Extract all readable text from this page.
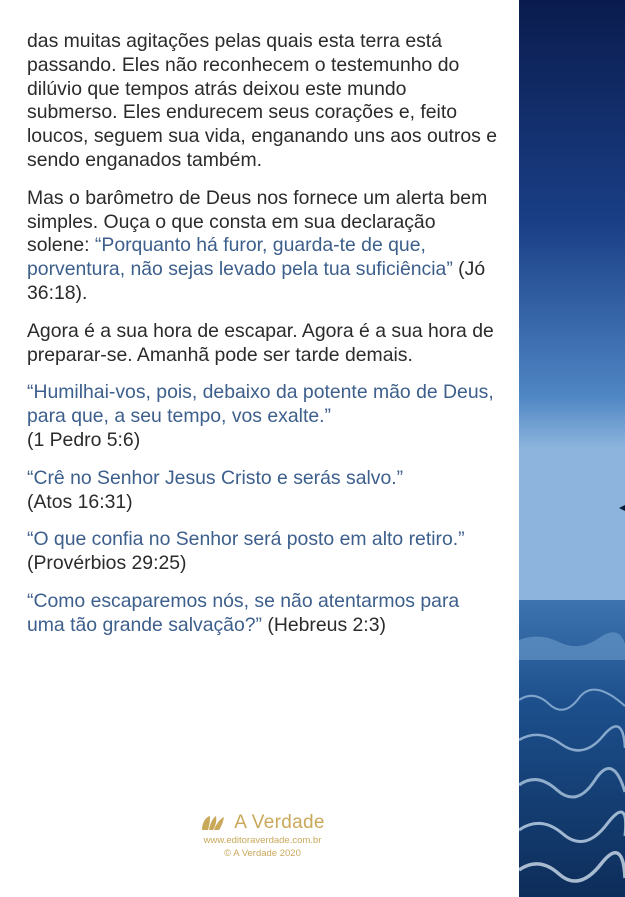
das muitas agitações pelas quais esta terra está passando. Eles não reconhecem o testemunho do dilúvio que tempos atrás deixou este mundo submerso. Eles endurecem seus corações e, feito loucos, seguem sua vida, enganando uns aos outros e sendo enganados também.

Mas o barômetro de Deus nos fornece um alerta bem simples. Ouça o que consta em sua declaração solene: “Porquanto há furor, guarda-te de que, porventura, não sejas levado pela tua suficiência” (Jó 36:18).

Agora é a sua hora de escapar. Agora é a sua hora de preparar-se. Amanhã pode ser tarde demais.

“Humilhai-vos, pois, debaixo da potente mão de Deus, para que, a seu tempo, vos exalte.”
(1 Pedro 5:6)

“Crê no Senhor Jesus Cristo e serás salvo.”
(Atos 16:31)

“O que confia no Senhor será posto em alto retiro.” (Provérbios 29:25)

“Como escaparemos nós, se não atentarmos para uma tão grande salvação?” (Hebreus 2:3)

A Verdade
www.editoraverdade.com.br
© A Verdade 2020
